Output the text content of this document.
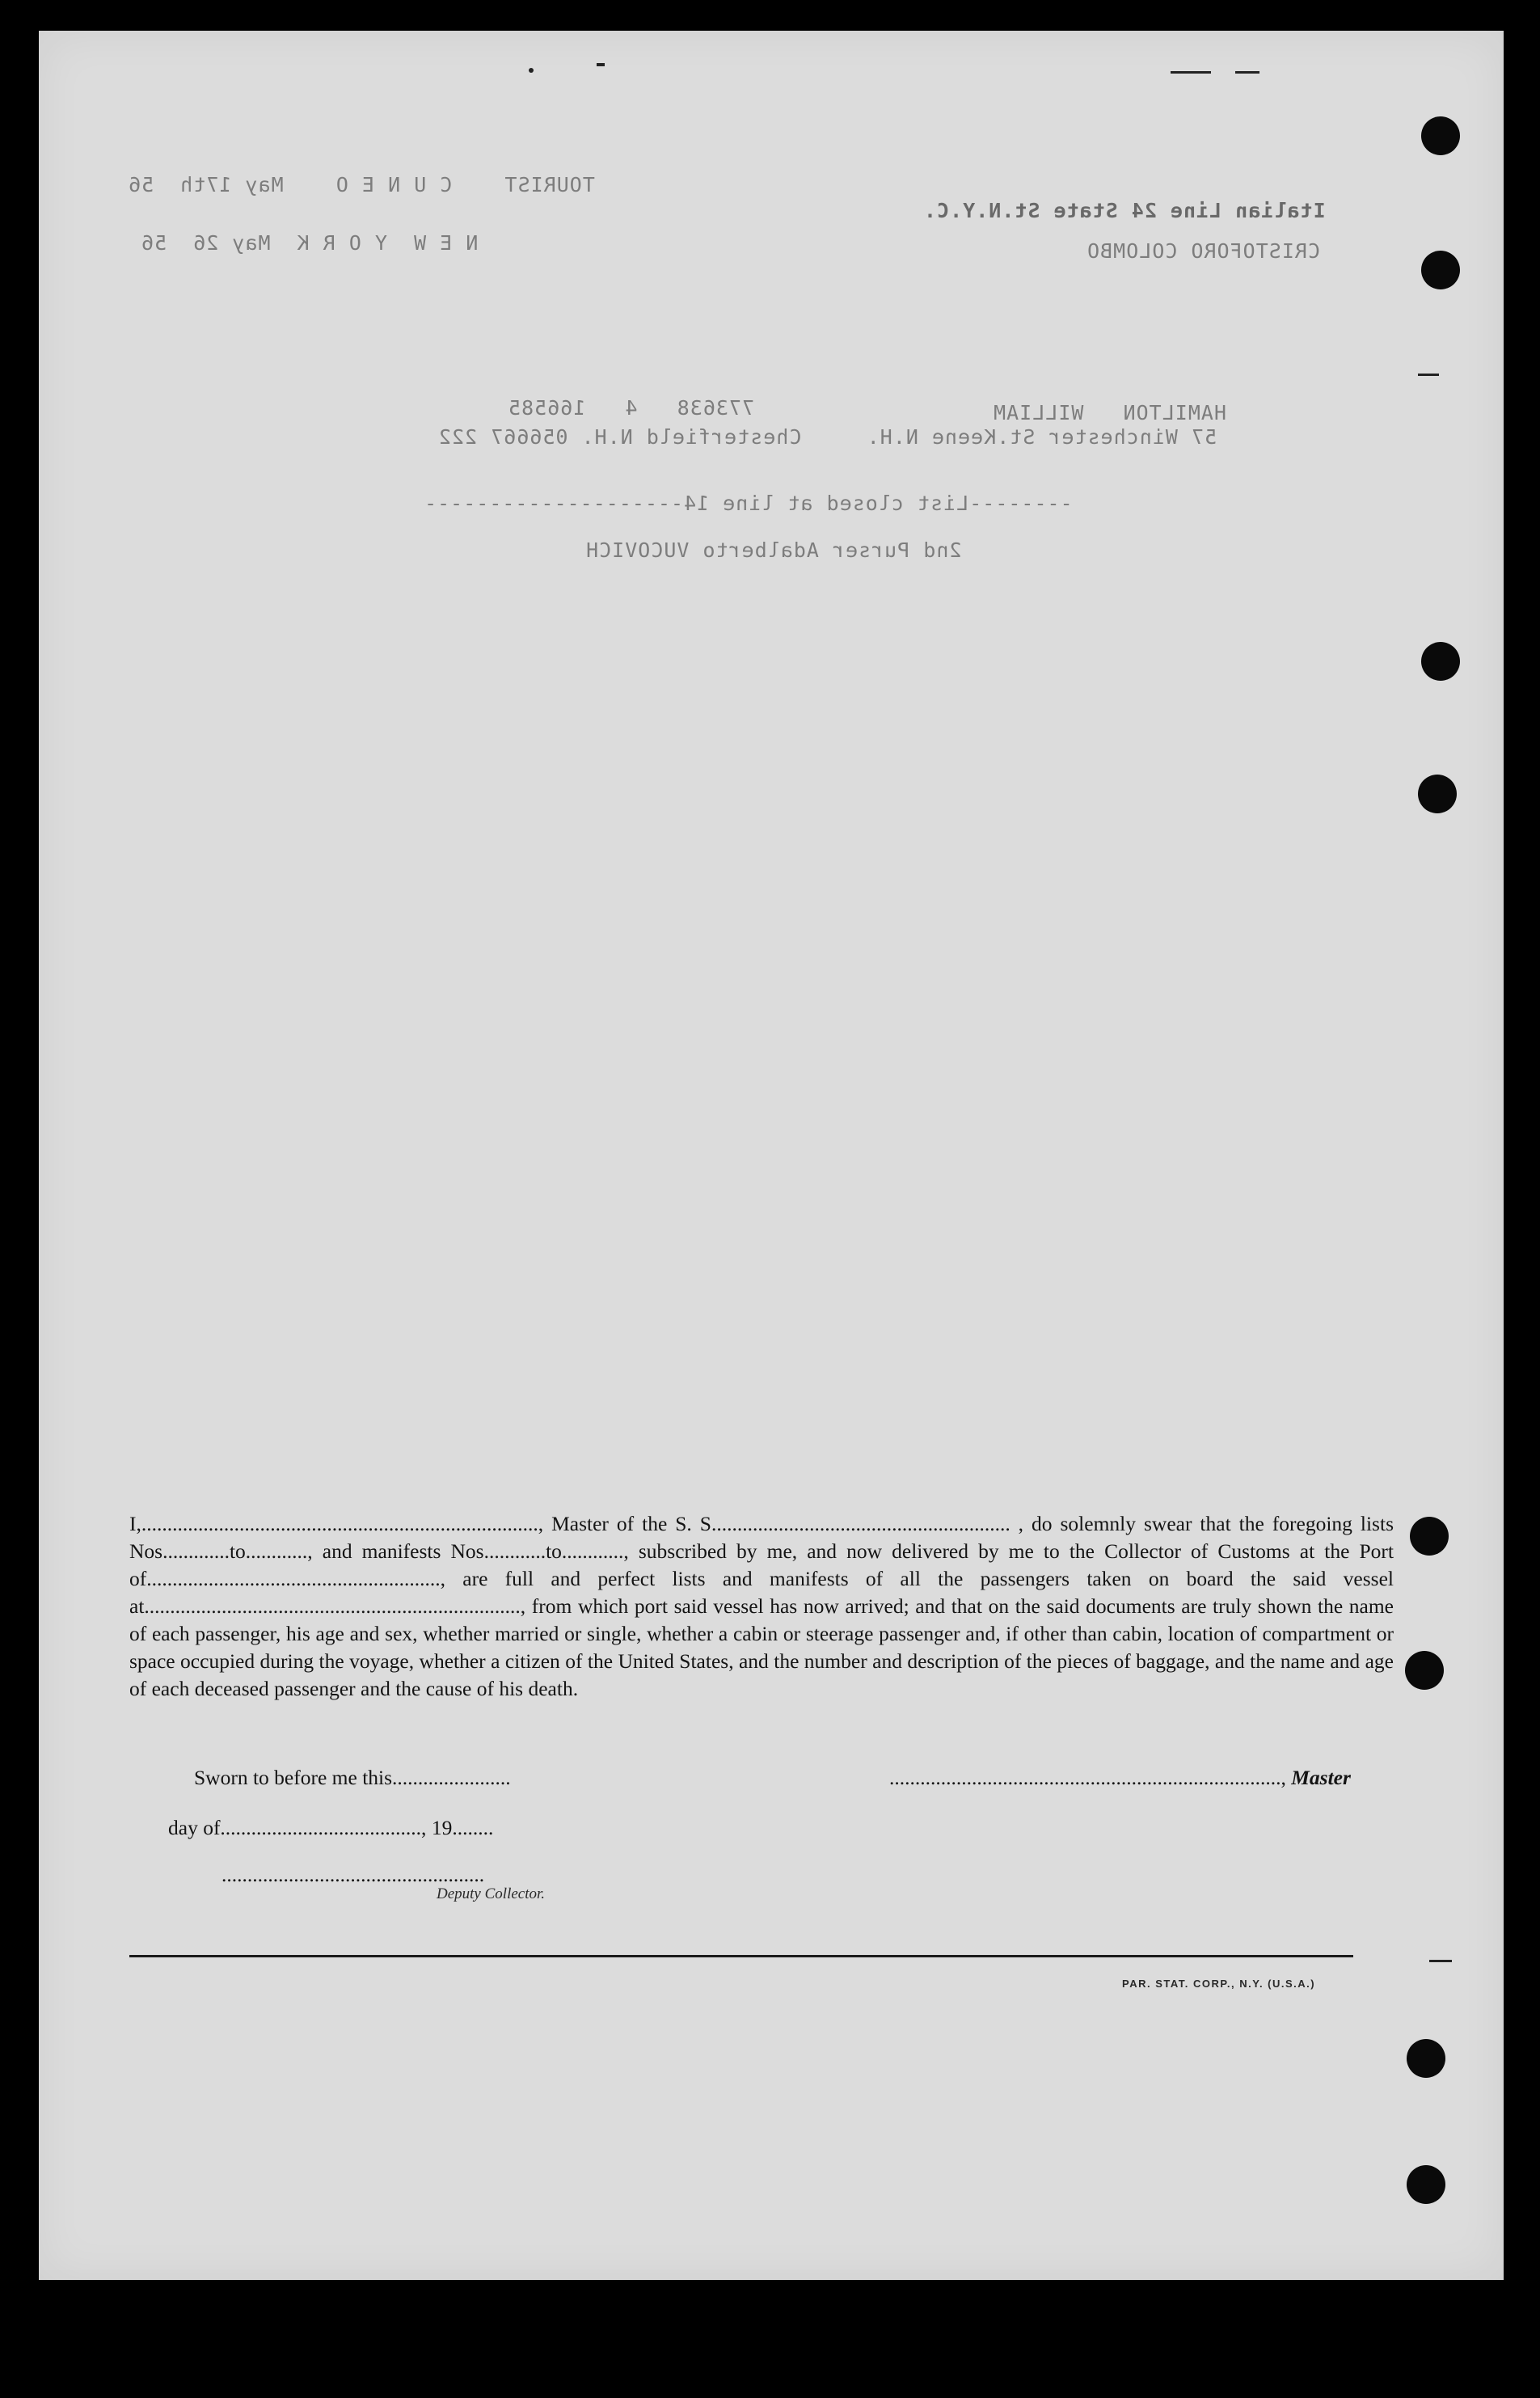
Italian Line 24 State St.N.Y.C.
TOURIST    C U N E O    May 17th  56
CRISTOFORO COLOMBO
N E W  Y O R K  May 26  56
HAMILTON   WILLIAM
773638   4   166585
57 Winchester St.Keene N.H.     Chesterfield N.H. 056667 222
--------List closed at line 14--------------------
2nd Purser Adalberto VUCOVICH

I,............................................................................., Master of the S. S.......................................................... , do solemnly swear that the foregoing lists Nos.............to............, and manifests Nos............to............, subscribed by me, and now delivered by me to the Collector of Customs at the Port of........................................................., are full and perfect lists and manifests of all the passengers taken on board the said vessel at........................................................................., from which port said vessel has now arrived; and that on the said documents are truly shown the name of each passenger, his age and sex, whether married or single, whether a cabin or steerage passenger and, if other than cabin, location of compartment or space occupied during the voyage, whether a citizen of the United States, and the number and description of the pieces of baggage, and the name and age of each deceased passenger and the cause of his death.

Sworn to before me this.......................	............................................................................, Master
day of......................................., 19........
...................................................
Deputy Collector.
PAR. STAT. CORP., N.Y. (U.S.A.)
